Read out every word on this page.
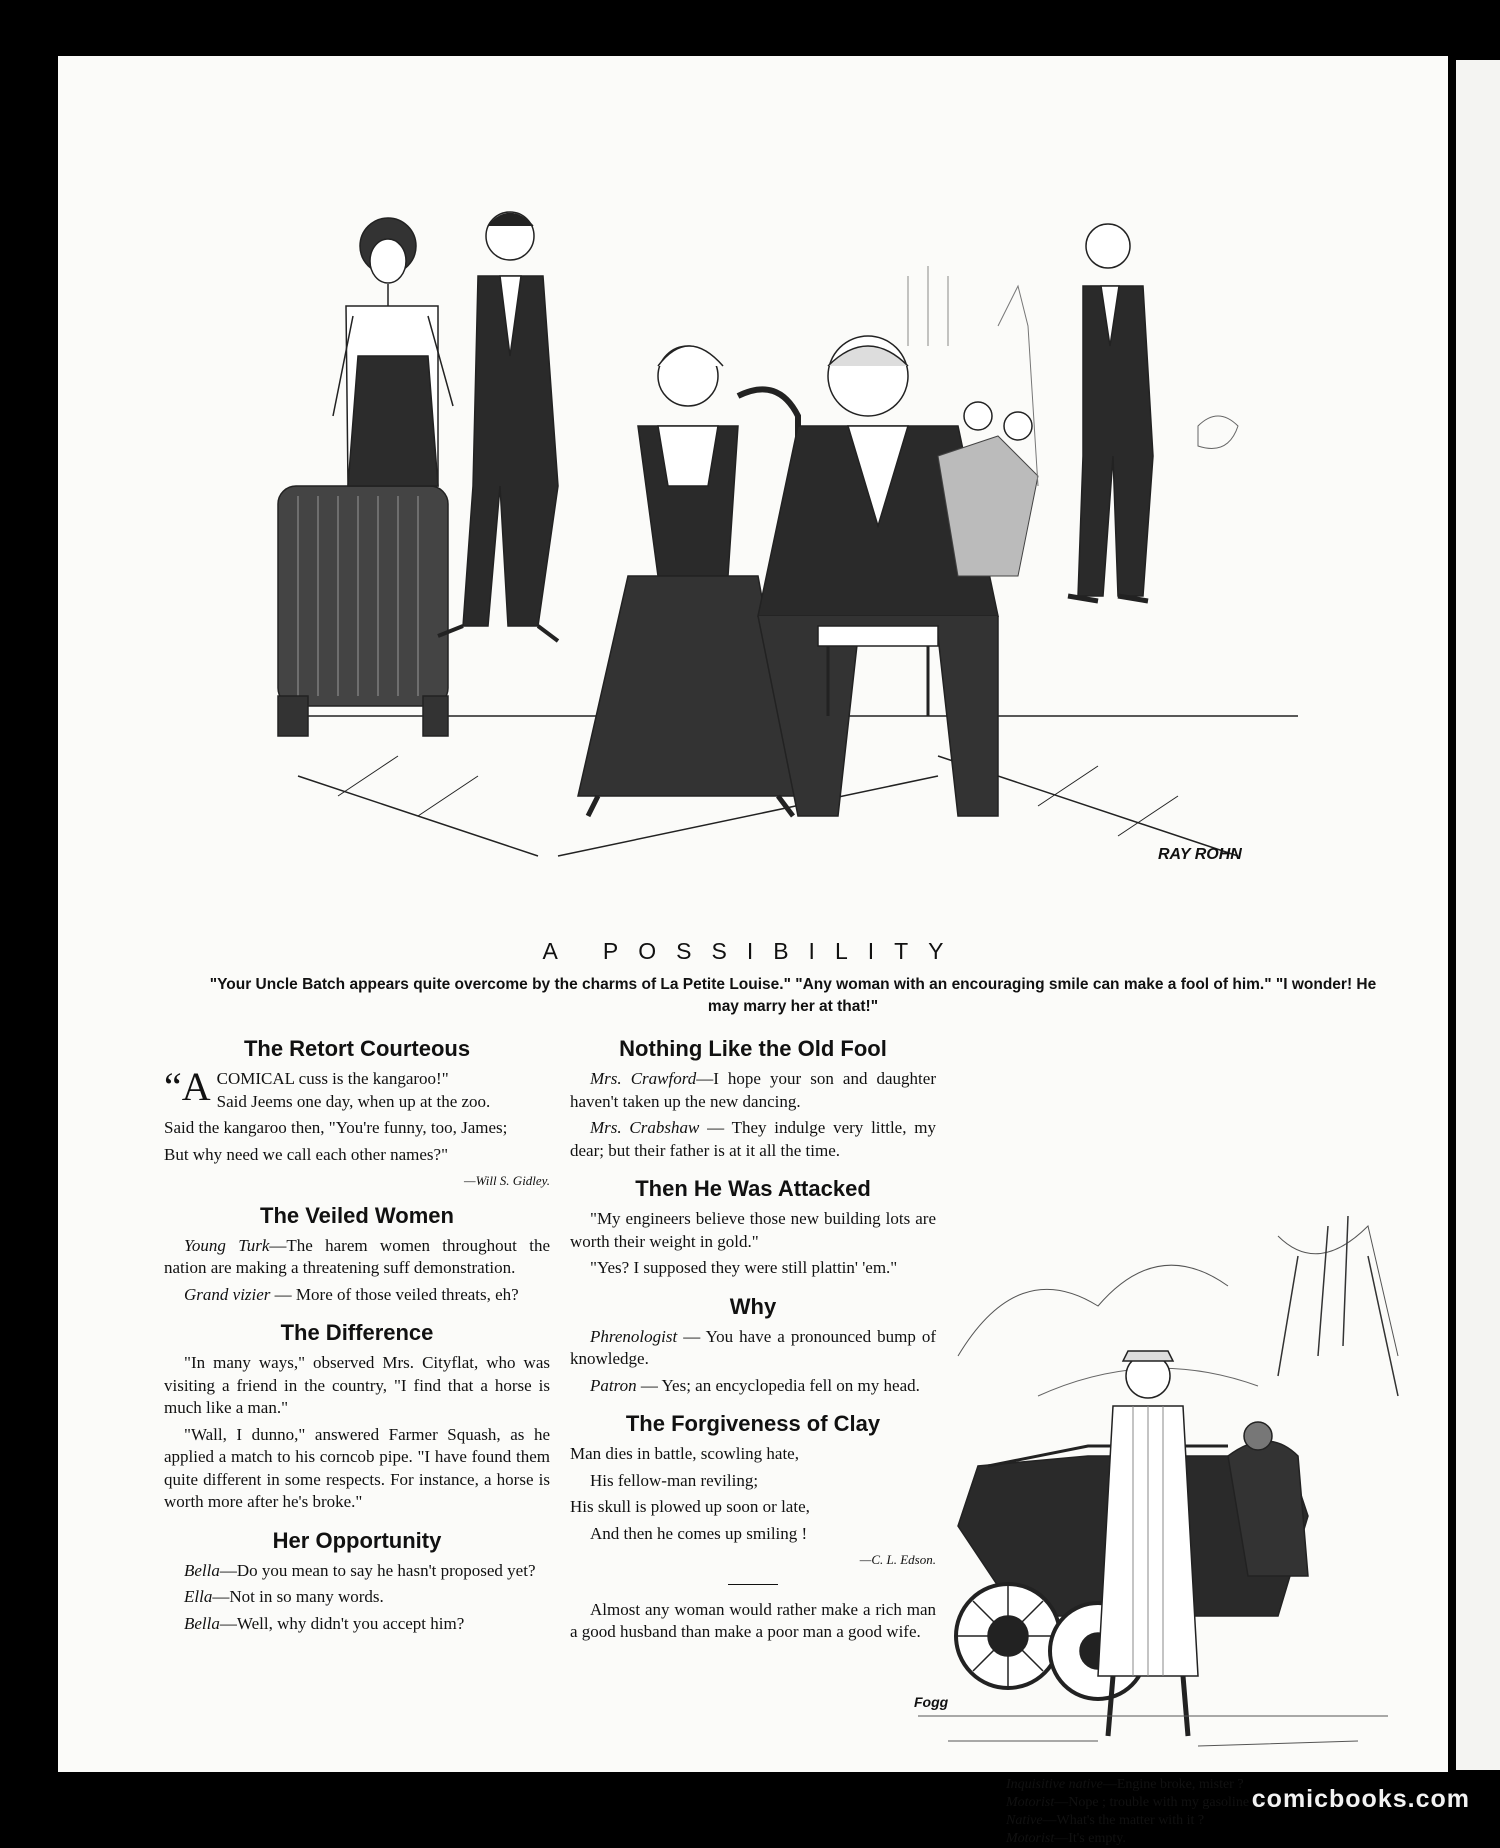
RAY ROHN
A POSSIBILITY
"Your Uncle Batch appears quite overcome by the charms of La Petite Louise." "Any woman with an encouraging smile can make a fool of him." "I wonder! He may marry her at that!"
The Retort Courteous

“A COMICAL cuss is the kangaroo!"
Said Jeems one day, when up at the zoo.

Said the kangaroo then, "You're funny, too, James;

But why need we call each other names?"

—Will S. Gidley.
The Veiled Women

Young Turk—The harem women throughout the nation are making a threatening suff demonstration.

Grand vizier — More of those veiled threats, eh?

The Difference

"In many ways," observed Mrs. Cityflat, who was visiting a friend in the country, "I find that a horse is much like a man."

"Wall, I dunno," answered Farmer Squash, as he applied a match to his corncob pipe. "I have found them quite different in some respects. For instance, a horse is worth more after he's broke."

Her Opportunity

Bella—Do you mean to say he hasn't proposed yet?

Ella—Not in so many words.

Bella—Well, why didn't you accept him?

Nothing Like the Old Fool

Mrs. Crawford—I hope your son and daughter haven't taken up the new dancing.

Mrs. Crabshaw — They indulge very little, my dear; but their father is at it all the time.

Then He Was Attacked

"My engineers believe those new building lots are worth their weight in gold."

"Yes? I supposed they were still plattin' 'em."

Why

Phrenologist — You have a pronounced bump of knowledge.

Patron — Yes; an encyclopedia fell on my head.

The Forgiveness of Clay

Man dies in battle, scowling hate,

His fellow-man reviling;

His skull is plowed up soon or late,

And then he comes up smiling !

—C. L. Edson.

Almost any woman would rather make a rich man a good husband than make a poor man a good wife.

Fogg

Inquisitive native—Engine broke, mister ?

Motorist—Nope ; trouble with my gasoline tank.

Native—What's the matter with it ?

Motorist—It's empty.

comicbooks.com
